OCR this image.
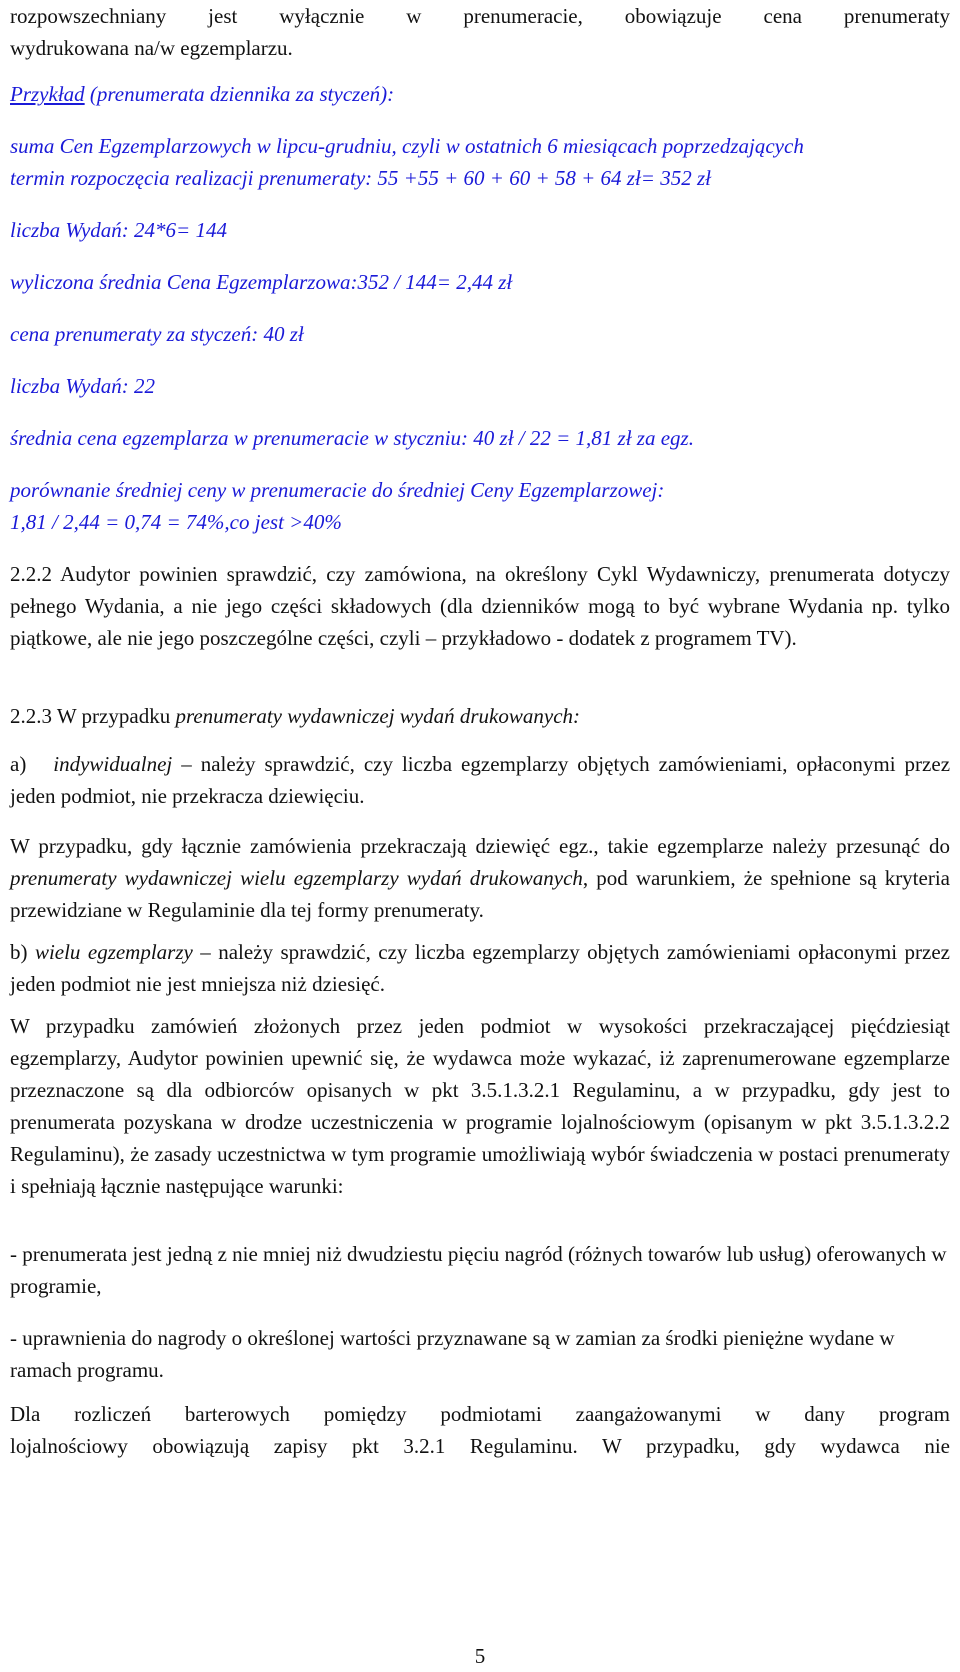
rozpowszechniany jest wyłącznie w prenumeracie, obowiązuje cena prenumeraty
wydrukowana na/w egzemplarzu.
Przykład (prenumerata dziennika za styczeń):
suma Cen Egzemplarzowych w lipcu-grudniu, czyli w ostatnich 6 miesiącach poprzedzających
termin rozpoczęcia realizacji prenumeraty: 55 +55 + 60 + 60 + 58 + 64 zł= 352 zł
liczba Wydań: 24*6= 144
wyliczona średnia Cena Egzemplarzowa:352 / 144= 2,44 zł
cena prenumeraty za styczeń: 40 zł
liczba Wydań: 22
średnia cena egzemplarza w prenumeracie w styczniu: 40 zł / 22 = 1,81 zł za egz.
porównanie średniej ceny w prenumeracie do średniej Ceny Egzemplarzowej:
1,81 / 2,44 = 0,74 = 74%,co jest >40%

2.2.2 Audytor powinien sprawdzić, czy zamówiona, na określony Cykl Wydawniczy, prenumerata dotyczy pełnego Wydania, a nie jego części składowych (dla dzienników mogą to być wybrane Wydania np. tylko piątkowe, ale nie jego poszczególne części, czyli – przykładowo - dodatek z programem TV).

2.2.3 W przypadku prenumeraty wydawniczej wydań drukowanych:

a) indywidualnej – należy sprawdzić, czy liczba egzemplarzy objętych zamówieniami, opłaconymi przez jeden podmiot, nie przekracza dziewięciu.

W przypadku, gdy łącznie zamówienia przekraczają dziewięć egz., takie egzemplarze należy przesunąć do prenumeraty wydawniczej wielu egzemplarzy wydań drukowanych, pod warunkiem, że spełnione są kryteria przewidziane w Regulaminie dla tej formy prenumeraty.

b) wielu egzemplarzy – należy sprawdzić, czy liczba egzemplarzy objętych zamówieniami opłaconymi przez jeden podmiot nie jest mniejsza niż dziesięć.

W przypadku zamówień złożonych przez jeden podmiot w wysokości przekraczającej pięćdziesiąt egzemplarzy, Audytor powinien upewnić się, że wydawca może wykazać, iż zaprenumerowane egzemplarze przeznaczone są dla odbiorców opisanych w pkt 3.5.1.3.2.1 Regulaminu, a w przypadku, gdy jest to prenumerata pozyskana w drodze uczestniczenia w programie lojalnościowym (opisanym w pkt 3.5.1.3.2.2 Regulaminu), że zasady uczestnictwa w tym programie umożliwiają wybór świadczenia w postaci prenumeraty i spełniają łącznie następujące warunki:

- prenumerata jest jedną z nie mniej niż dwudziestu pięciu nagród (różnych towarów lub usług) oferowanych w programie,

- uprawnienia do nagrody o określonej wartości przyznawane są w zamian za środki pieniężne wydane w ramach programu.

Dla rozliczeń barterowych pomiędzy podmiotami zaangażowanymi w dany program
lojalnościowy obowiązują zapisy pkt 3.2.1 Regulaminu. W przypadku, gdy wydawca nie
5
